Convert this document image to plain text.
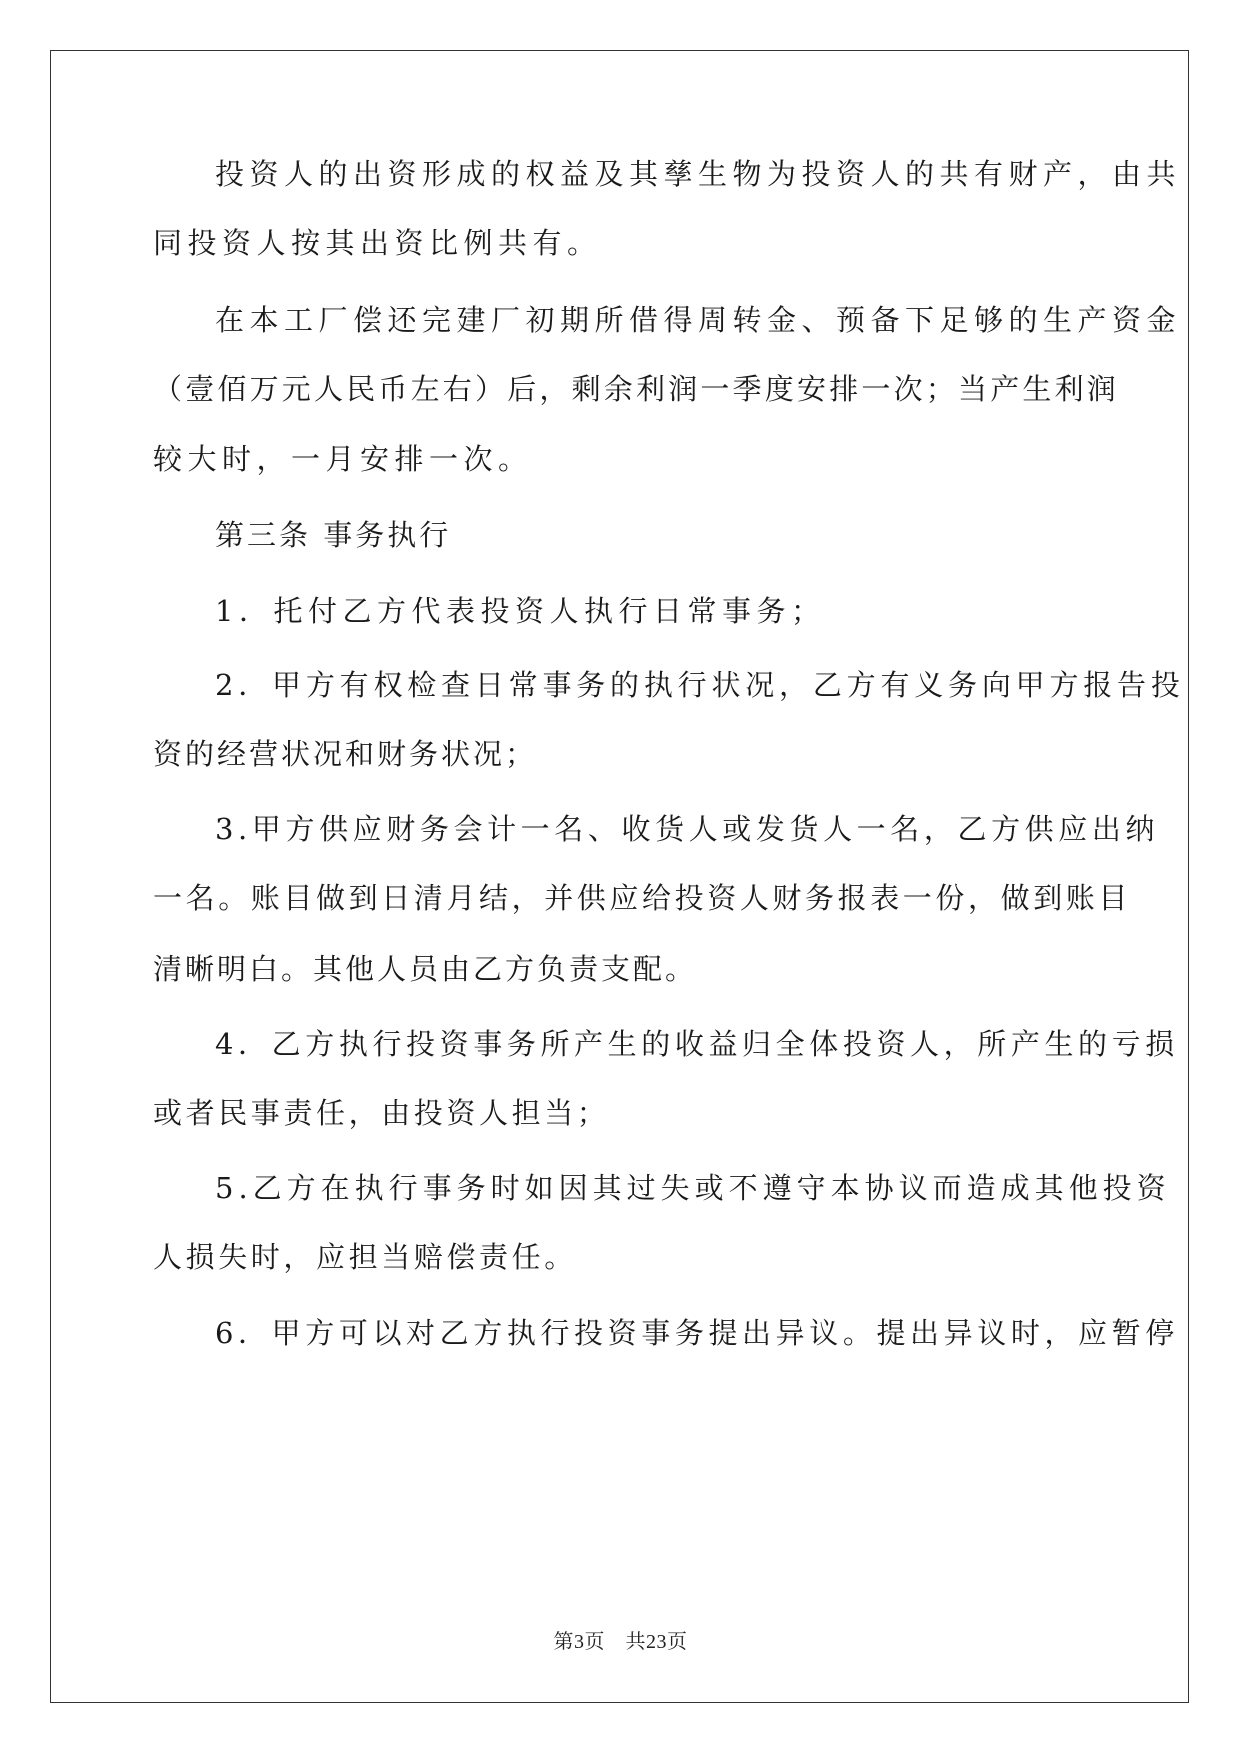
投资人的出资形成的权益及其孳生物为投资人的共有财产，由共
同投资人按其出资比例共有。
在本工厂偿还完建厂初期所借得周转金、预备下足够的生产资金
（壹佰万元人民币左右）后，剩余利润一季度安排一次；当产生利润
较大时，一月安排一次。
第三条 事务执行
1．托付乙方代表投资人执行日常事务；
2．甲方有权检查日常事务的执行状况，乙方有义务向甲方报告投
资的经营状况和财务状况；
3.甲方供应财务会计一名、收货人或发货人一名，乙方供应出纳
一名。账目做到日清月结，并供应给投资人财务报表一份，做到账目
清晰明白。其他人员由乙方负责支配。
4．乙方执行投资事务所产生的收益归全体投资人，所产生的亏损
或者民事责任，由投资人担当；
5.乙方在执行事务时如因其过失或不遵守本协议而造成其他投资
人损失时，应担当赔偿责任。
6．甲方可以对乙方执行投资事务提出异议。提出异议时，应暂停
第3页　共23页
